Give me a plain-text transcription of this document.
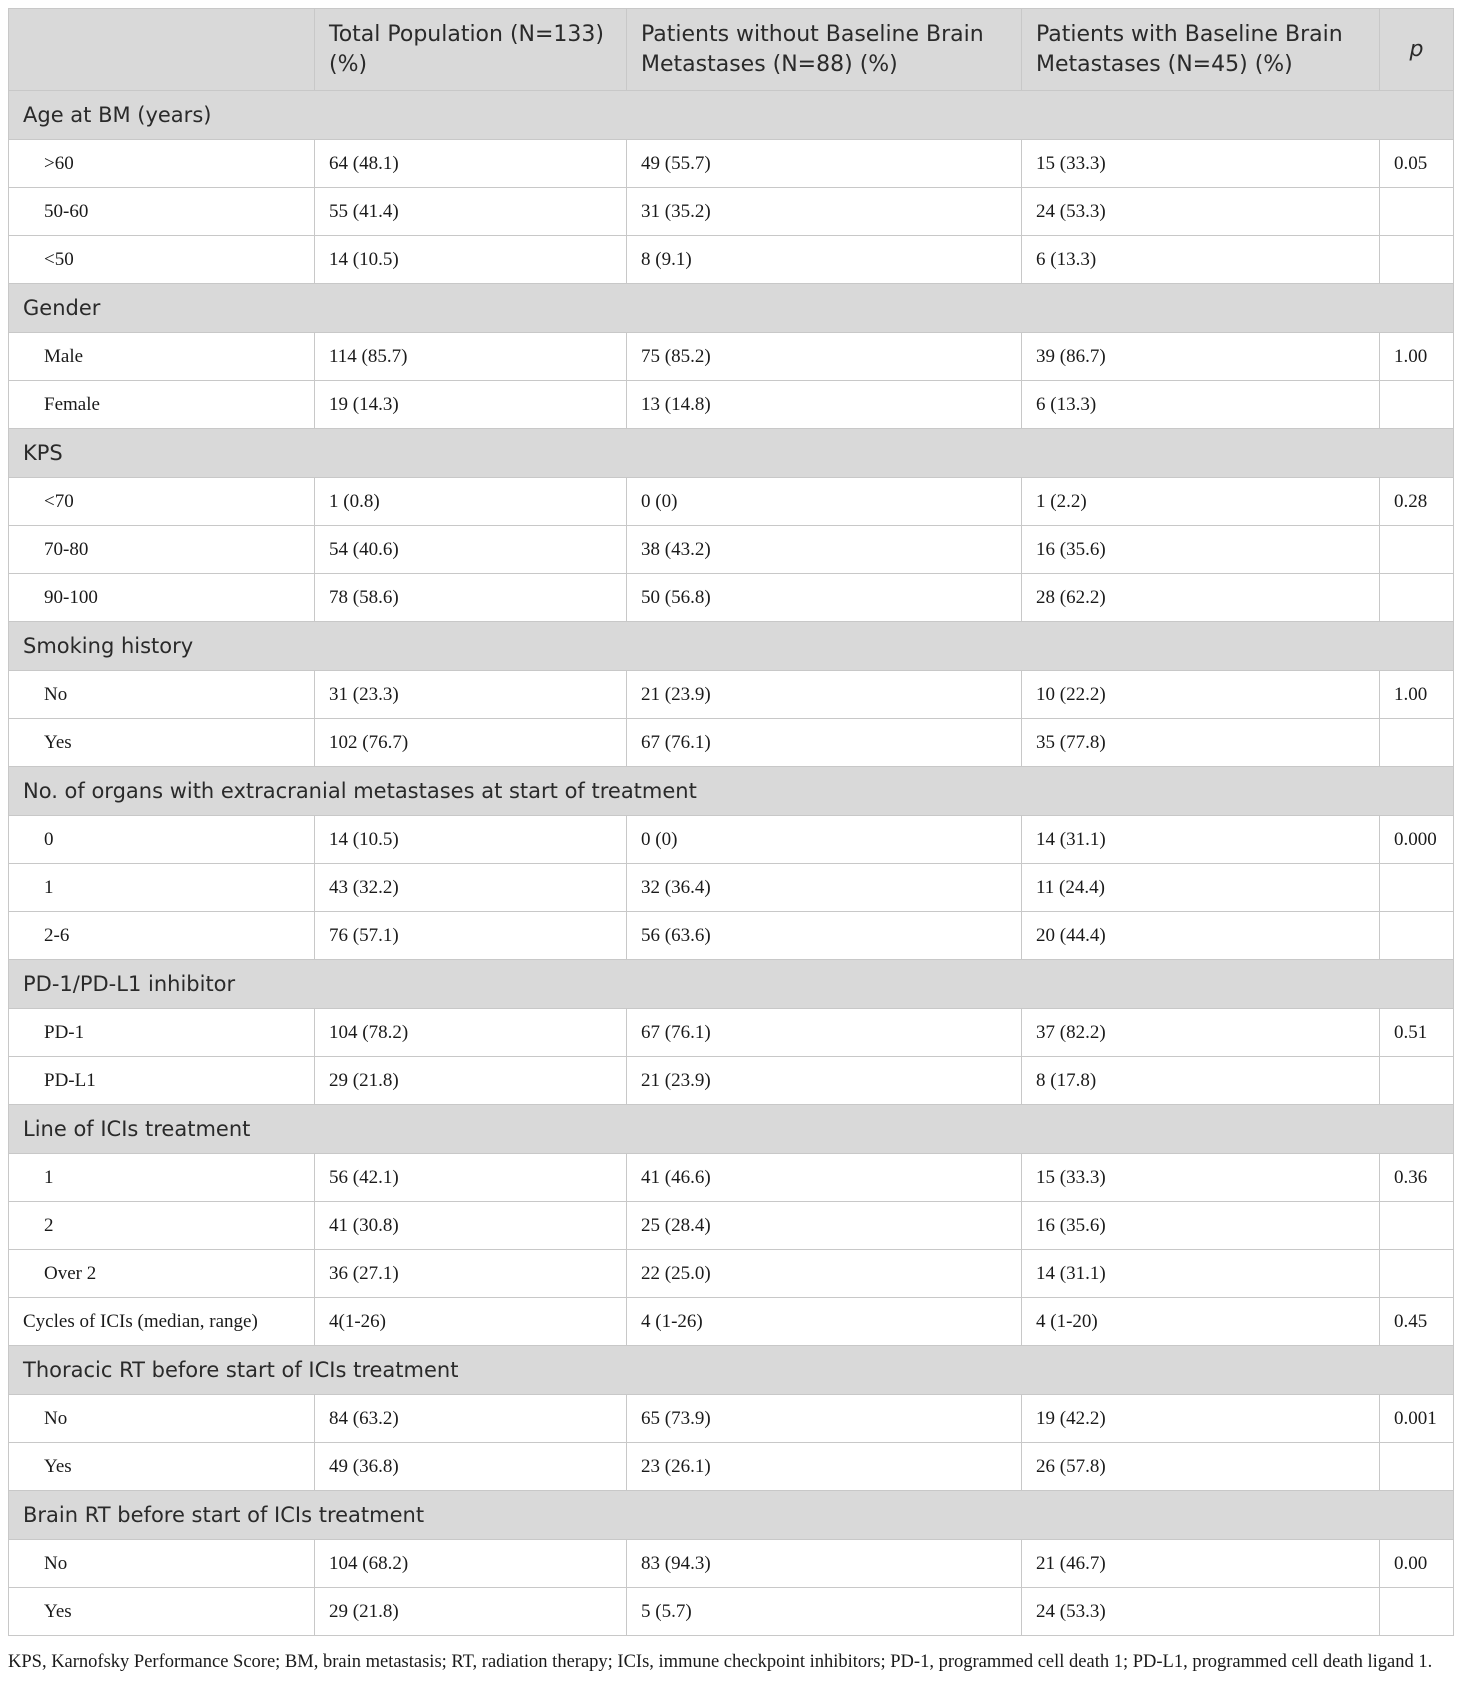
	Total Population (N=133) (%)	Patients without Baseline Brain Metastases (N=88) (%)	Patients with Baseline Brain Metastases (N=45) (%)	p
Age at BM (years)				
>60	64 (48.1)	49 (55.7)	15 (33.3)	0.05
50-60	55 (41.4)	31 (35.2)	24 (53.3)	
<50	14 (10.5)	8 (9.1)	6 (13.3)	
Gender				
Male	114 (85.7)	75 (85.2)	39 (86.7)	1.00
Female	19 (14.3)	13 (14.8)	6 (13.3)	
KPS				
<70	1 (0.8)	0 (0)	1 (2.2)	0.28
70-80	54 (40.6)	38 (43.2)	16 (35.6)	
90-100	78 (58.6)	50 (56.8)	28 (62.2)	
Smoking history				
No	31 (23.3)	21 (23.9)	10 (22.2)	1.00
Yes	102 (76.7)	67 (76.1)	35 (77.8)	
No. of organs with extracranial metastases at start of treatment				
0	14 (10.5)	0 (0)	14 (31.1)	0.000
1	43 (32.2)	32 (36.4)	11 (24.4)	
2-6	76 (57.1)	56 (63.6)	20 (44.4)	
PD-1/PD-L1 inhibitor				
PD-1	104 (78.2)	67 (76.1)	37 (82.2)	0.51
PD-L1	29 (21.8)	21 (23.9)	8 (17.8)	
Line of ICIs treatment				
1	56 (42.1)	41 (46.6)	15 (33.3)	0.36
2	41 (30.8)	25 (28.4)	16 (35.6)	
Over 2	36 (27.1)	22 (25.0)	14 (31.1)	
Cycles of ICIs (median, range)	4(1-26)	4 (1-26)	4 (1-20)	0.45
Thoracic RT before start of ICIs treatment				
No	84 (63.2)	65 (73.9)	19 (42.2)	0.001
Yes	49 (36.8)	23 (26.1)	26 (57.8)	
Brain RT before start of ICIs treatment				
No	104 (68.2)	83 (94.3)	21 (46.7)	0.00
Yes	29 (21.8)	5 (5.7)	24 (53.3)	
KPS, Karnofsky Performance Score; BM, brain metastasis; RT, radiation therapy; ICIs, immune checkpoint inhibitors; PD-1, programmed cell death 1; PD-L1, programmed cell death ligand 1.
